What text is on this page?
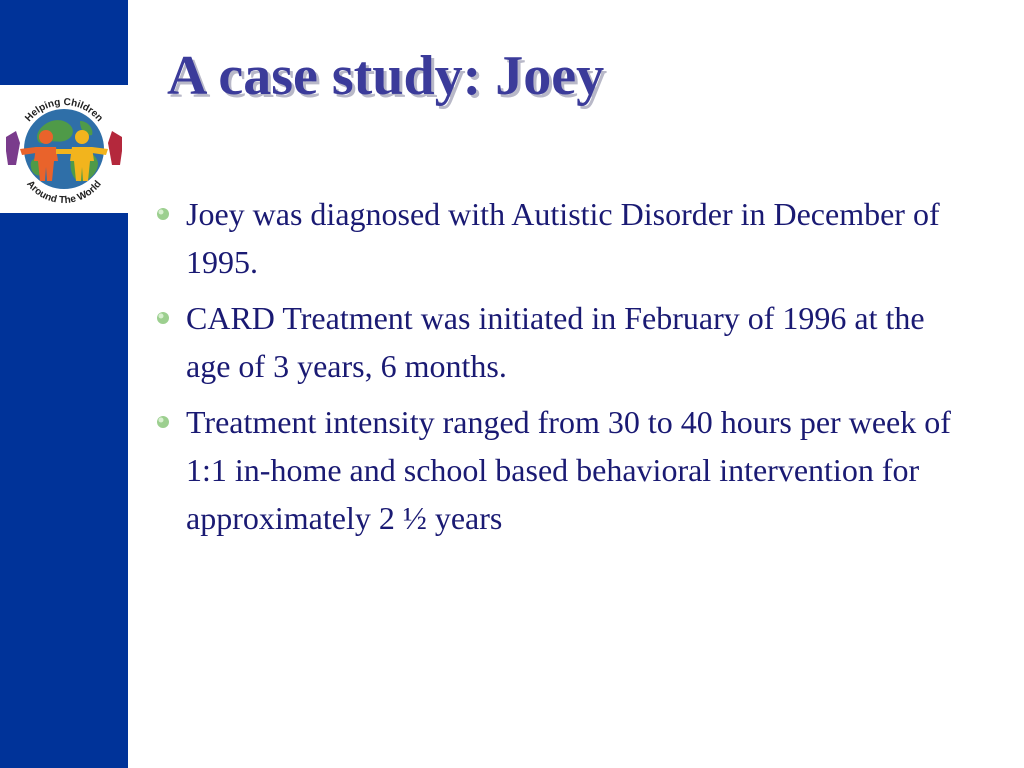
Helping Children
Around The World
A case study: Joey
Joey was diagnosed with Autistic Disorder in December of 1995.
CARD Treatment was initiated in February of 1996 at the age of 3 years, 6 months.
Treatment intensity ranged from 30 to 40 hours per week of 1:1 in-home and school based behavioral intervention for approximately 2 ½ years
